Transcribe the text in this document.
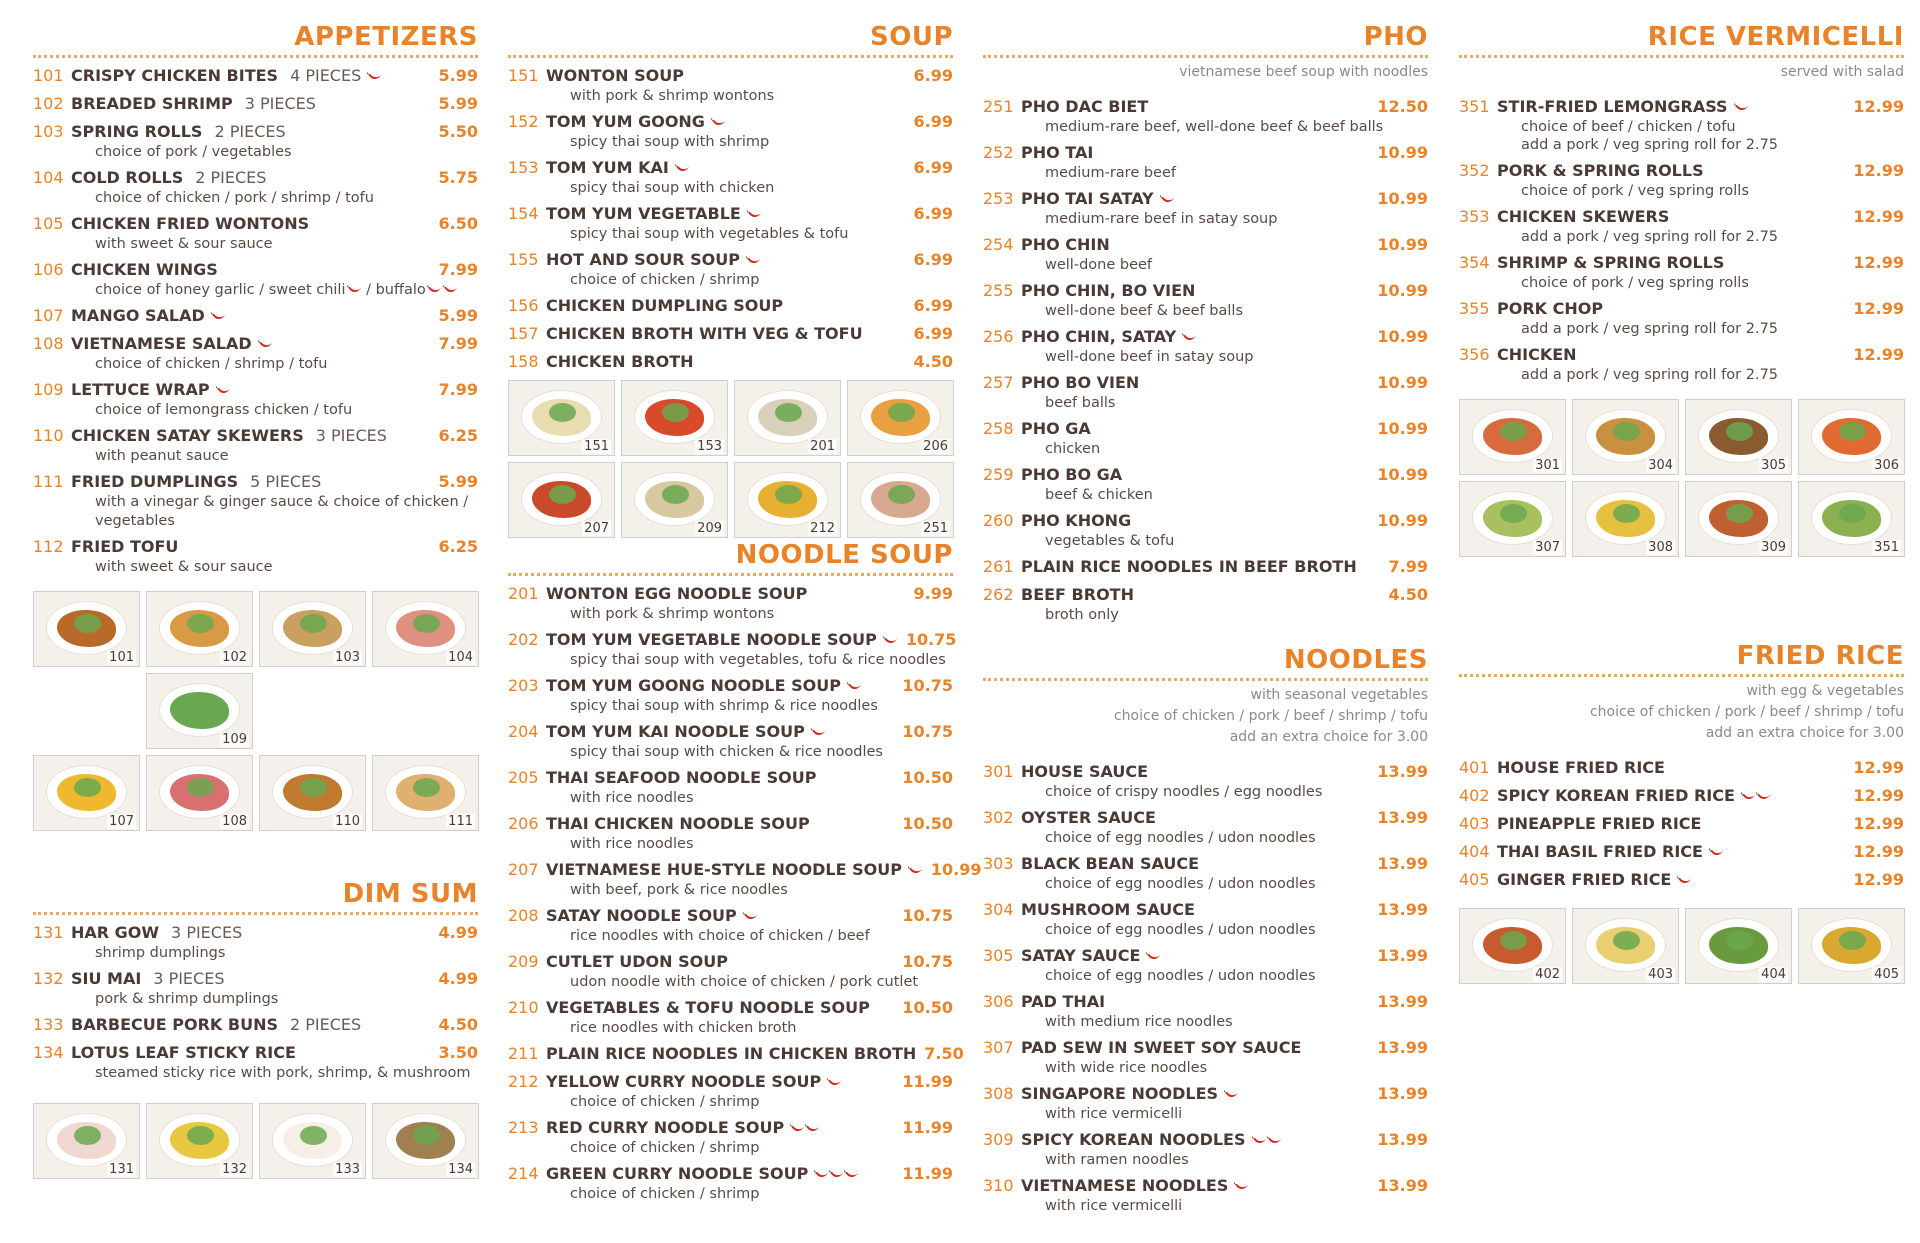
APPETIZERS
101 CRISPY CHICKEN BITES 4 PIECES	5.99
102 BREADED SHRIMP 3 PIECES	5.99
103 SPRING ROLLS 2 PIECES	5.50
choice of pork / vegetables
104 COLD ROLLS 2 PIECES	5.75
choice of chicken / pork / shrimp / tofu
105 CHICKEN FRIED WONTONS	6.50
with sweet & sour sauce
106 CHICKEN WINGS	7.99
choice of honey garlic / sweet chili
/ buffalo
107 MANGO SALAD	5.99
108 VIETNAMESE SALAD	7.99
choice of chicken / shrimp / tofu
109 LETTUCE WRAP	7.99
choice of lemongrass chicken / tofu
110 CHICKEN SATAY SKEWERS 3 PIECES	6.25
with peanut sauce
111 FRIED DUMPLINGS 5 PIECES	5.99
with a vinegar & ginger sauce & choice of chicken / vegetables
112 FRIED TOFU	6.25
with sweet & sour sauce
101	102	103	104
109
107	108	110	111
DIM SUM
131 HAR GOW 3 PIECES	4.99
shrimp dumplings
132 SIU MAI 3 PIECES	4.99
pork & shrimp dumplings
133 BARBECUE PORK BUNS 2 PIECES	4.50
134 LOTUS LEAF STICKY RICE	3.50
steamed sticky rice with pork, shrimp, & mushroom
131	132	133	134
SOUP
151 WONTON SOUP	6.99
with pork & shrimp wontons
152 TOM YUM GOONG	6.99
spicy thai soup with shrimp
153 TOM YUM KAI	6.99
spicy thai soup with chicken
154 TOM YUM VEGETABLE	6.99
spicy thai soup with vegetables & tofu
155 HOT AND SOUR SOUP	6.99
choice of chicken / shrimp
156 CHICKEN DUMPLING SOUP	6.99
157 CHICKEN BROTH WITH VEG & TOFU	6.99
158 CHICKEN BROTH	4.50
151	153	201	206
207	209	212	251
NOODLE SOUP
201 WONTON EGG NOODLE SOUP	9.99
with pork & shrimp wontons
202 TOM YUM VEGETABLE NOODLE SOUP	10.75
spicy thai soup with vegetables, tofu & rice noodles
203 TOM YUM GOONG NOODLE SOUP	10.75
spicy thai soup with shrimp & rice noodles
204 TOM YUM KAI NOODLE SOUP	10.75
spicy thai soup with chicken & rice noodles
205 THAI SEAFOOD NOODLE SOUP	10.50
with rice noodles
206 THAI CHICKEN NOODLE SOUP	10.50
with rice noodles
207 VIETNAMESE HUE-STYLE NOODLE SOUP	10.99
with beef, pork & rice noodles
208 SATAY NOODLE SOUP	10.75
rice noodles with choice of chicken / beef
209 CUTLET UDON SOUP	10.75
udon noodle with choice of chicken / pork cutlet
210 VEGETABLES & TOFU NOODLE SOUP	10.50
rice noodles with chicken broth
211 PLAIN RICE NOODLES IN CHICKEN BROTH 7.50
212 YELLOW CURRY NOODLE SOUP	11.99
choice of chicken / shrimp
213 RED CURRY NOODLE SOUP	11.99
choice of chicken / shrimp
214 GREEN CURRY NOODLE SOUP	11.99
choice of chicken / shrimp
PHO
vietnamese beef soup with noodles
251 PHO DAC BIET	12.50
medium-rare beef, well-done beef & beef balls
252 PHO TAI	10.99
medium-rare beef
253 PHO TAI SATAY	10.99
medium-rare beef in satay soup
254 PHO CHIN	10.99
well-done beef
255 PHO CHIN, BO VIEN	10.99
well-done beef & beef balls
256 PHO CHIN, SATAY	10.99
well-done beef in satay soup
257 PHO BO VIEN	10.99
beef balls
258 PHO GA	10.99
chicken
259 PHO BO GA	10.99
beef & chicken
260 PHO KHONG	10.99
vegetables & tofu
261 PLAIN RICE NOODLES IN BEEF BROTH	7.99
262 BEEF BROTH	4.50
broth only
NOODLES
with seasonal vegetables
choice of chicken / pork / beef / shrimp / tofu
add an extra choice for 3.00
301 HOUSE SAUCE	13.99
choice of crispy noodles / egg noodles
302 OYSTER SAUCE	13.99
choice of egg noodles / udon noodles
303 BLACK BEAN SAUCE	13.99
choice of egg noodles / udon noodles
304 MUSHROOM SAUCE	13.99
choice of egg noodles / udon noodles
305 SATAY SAUCE	13.99
choice of egg noodles / udon noodles
306 PAD THAI	13.99
with medium rice noodles
307 PAD SEW IN SWEET SOY SAUCE	13.99
with wide rice noodles
308 SINGAPORE NOODLES	13.99
with rice vermicelli
309 SPICY KOREAN NOODLES	13.99
with ramen noodles
310 VIETNAMESE NOODLES	13.99
with rice vermicelli
RICE VERMICELLI
served with salad
351 STIR-FRIED LEMONGRASS	12.99
choice of beef / chicken / tofu
add a pork / veg spring roll for 2.75
352 PORK & SPRING ROLLS	12.99
choice of pork / veg spring rolls
353 CHICKEN SKEWERS	12.99
add a pork / veg spring roll for 2.75
354 SHRIMP & SPRING ROLLS	12.99
choice of pork / veg spring rolls
355 PORK CHOP	12.99
add a pork / veg spring roll for 2.75
356 CHICKEN	12.99
add a pork / veg spring roll for 2.75
301	304	305	306
307	308	309	351
FRIED RICE
with egg & vegetables
choice of chicken / pork / beef / shrimp / tofu
add an extra choice for 3.00
401 HOUSE FRIED RICE	12.99
402 SPICY KOREAN FRIED RICE	12.99
403 PINEAPPLE FRIED RICE	12.99
404 THAI BASIL FRIED RICE	12.99
405 GINGER FRIED RICE	12.99
402	403	404	405
